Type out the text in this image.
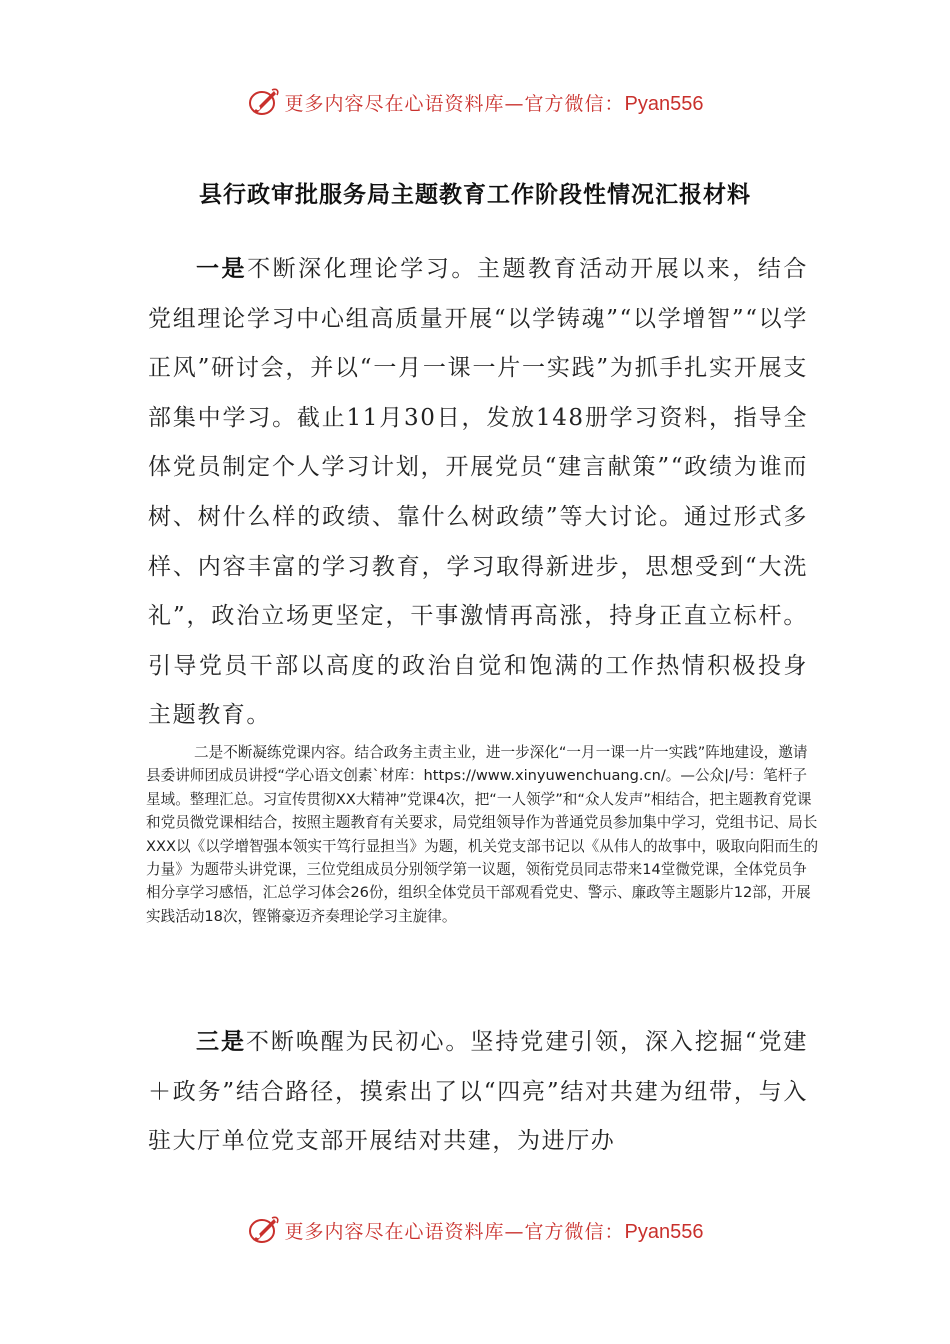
更多内容尽在心语资料库—官方微信：Pyan556
县行政审批服务局主题教育工作阶段性情况汇报材料
一是不断深化理论学习。主题教育活动开展以来，结合党组理论学习中心组高质量开展“以学铸魂”“以学增智”“以学正风”研讨会，并以“一月一课一片一实践”为抓手扎实开展支部集中学习。截止11月30日，发放148册学习资料，指导全体党员制定个人学习计划，开展党员“建言献策”“政绩为谁而树、树什么样的政绩、靠什么树政绩”等大讨论。通过形式多样、内容丰富的学习教育，学习取得新进步，思想受到“大洗礼”，政治立场更坚定，干事激情再高涨，持身正直立标杆。引导党员干部以高度的政治自觉和饱满的工作热情积极投身主题教育。
二是不断凝练党课内容。结合政务主责主业，进一步深化“一月一课一片一实践”阵地建设，邀请县委讲师团成员讲授“学心语文创素`材库：https://www.xinyuwenchuang.cn/。—公众|/号：笔杆子星域。整理汇总。习宣传贯彻XX大精神”党课4次，把“一人领学”和“众人发声”相结合，把主题教育党课和党员微党课相结合，按照主题教育有关要求，局党组领导作为普通党员参加集中学习，党组书记、局长XXX以《以学增智强本领实干笃行显担当》为题，机关党支部书记以《从伟人的故事中，吸取向阳而生的力量》为题带头讲党课，三位党组成员分别领学第一议题，领衔党员同志带来14堂微党课，全体党员争相分享学习感悟，汇总学习体会26份，组织全体党员干部观看党史、警示、廉政等主题影片12部，开展实践活动18次，铿锵豪迈齐奏理论学习主旋律。
三是不断唤醒为民初心。坚持党建引领，深入挖掘“党建＋政务”结合路径，摸索出了以“四亮”结对共建为纽带，与入驻大厅单位党支部开展结对共建，为进厅办
更多内容尽在心语资料库—官方微信：Pyan556
